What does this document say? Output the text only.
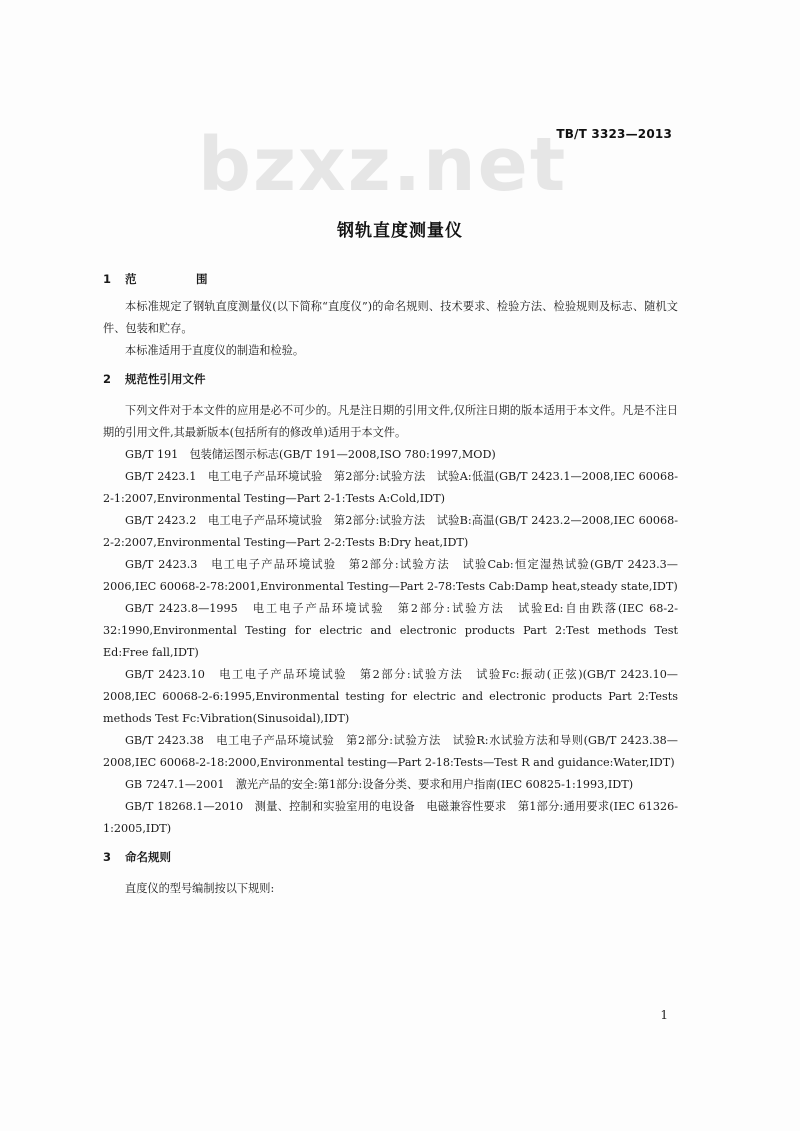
bzxz.net
TB/T 3323—2013
钢轨直度测量仪
1 范　围

本标准规定了钢轨直度测量仪(以下简称“直度仪”)的命名规则、技术要求、检验方法、检验规则及标志、随机文件、包装和贮存。

本标准适用于直度仪的制造和检验。

2 规范性引用文件

下列文件对于本文件的应用是必不可少的。凡是注日期的引用文件,仅所注日期的版本适用于本文件。凡是不注日期的引用文件,其最新版本(包括所有的修改单)适用于本文件。

GB/T 191　包装储运图示标志(GB/T 191—2008,ISO 780:1997,MOD)

GB/T 2423.1　电工电子产品环境试验　第2部分:试验方法　试验A:低温(GB/T 2423.1—2008,IEC 60068-2-1:2007,Environmental Testing—Part 2-1:Tests A:Cold,IDT)

GB/T 2423.2　电工电子产品环境试验　第2部分:试验方法　试验B:高温(GB/T 2423.2—2008,IEC 60068-2-2:2007,Environmental Testing—Part 2-2:Tests B:Dry heat,IDT)

GB/T 2423.3　电工电子产品环境试验　第2部分:试验方法　试验Cab:恒定湿热试验(GB/T 2423.3—2006,IEC 60068-2-78:2001,Environmental Testing—Part 2-78:Tests Cab:Damp heat,steady state,IDT)

GB/T 2423.8—1995　电工电子产品环境试验　第2部分:试验方法　试验Ed:自由跌落(IEC 68-2-32:1990,Environmental Testing for electric and electronic products Part 2:Test methods Test Ed:Free fall,IDT)

GB/T 2423.10　电工电子产品环境试验　第2部分:试验方法　试验Fc:振动(正弦)(GB/T 2423.10—2008,IEC 60068-2-6:1995,Environmental testing for electric and electronic products Part 2:Tests methods Test Fc:Vibration(Sinusoidal),IDT)

GB/T 2423.38　电工电子产品环境试验　第2部分:试验方法　试验R:水试验方法和导则(GB/T 2423.38—2008,IEC 60068-2-18:2000,Environmental testing—Part 2-18:Tests—Test R and guidance:Water,IDT)

GB 7247.1—2001　激光产品的安全:第1部分:设备分类、要求和用户指南(IEC 60825-1:1993,IDT)

GB/T 18268.1—2010　测量、控制和实验室用的电设备　电磁兼容性要求　第1部分:通用要求(IEC 61326-1:2005,IDT)

3 命名规则

直度仪的型号编制按以下规则:

1
